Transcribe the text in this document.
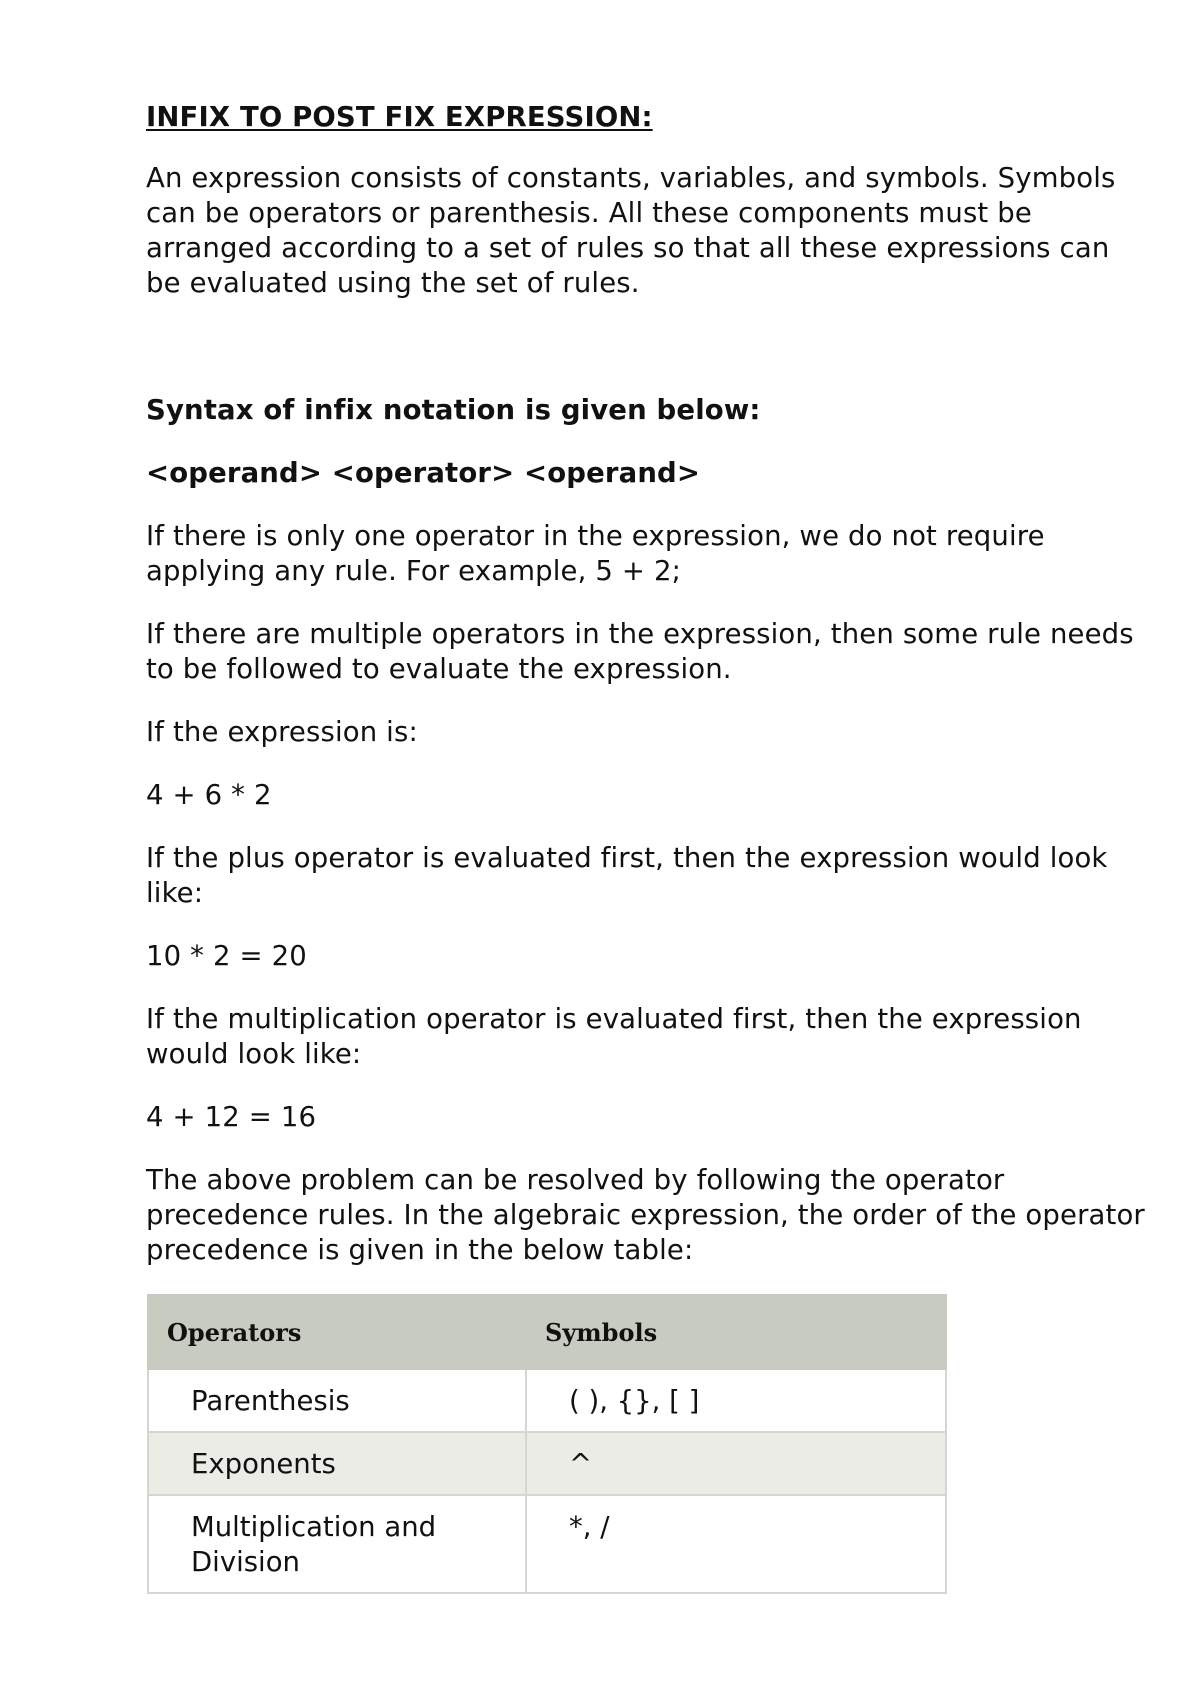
INFIX TO POST FIX EXPRESSION:

An expression consists of constants, variables, and symbols. Symbols can be operators or parenthesis. All these components must be arranged according to a set of rules so that all these expressions can be evaluated using the set of rules.

Syntax of infix notation is given below:

<operand> <operator> <operand>

If there is only one operator in the expression, we do not require applying any rule. For example, 5 + 2;

If there are multiple operators in the expression, then some rule needs to be followed to evaluate the expression.

If the expression is:

4 + 6 * 2

If the plus operator is evaluated first, then the expression would look like:

10 * 2 = 20

If the multiplication operator is evaluated first, then the expression would look like:

4 + 12 = 16

The above problem can be resolved by following the operator precedence rules. In the algebraic expression, the order of the operator precedence is given in the below table:

Operators	Symbols
Parenthesis	( ), {}, [ ]
Exponents	^
Multiplication and Division	*, /
